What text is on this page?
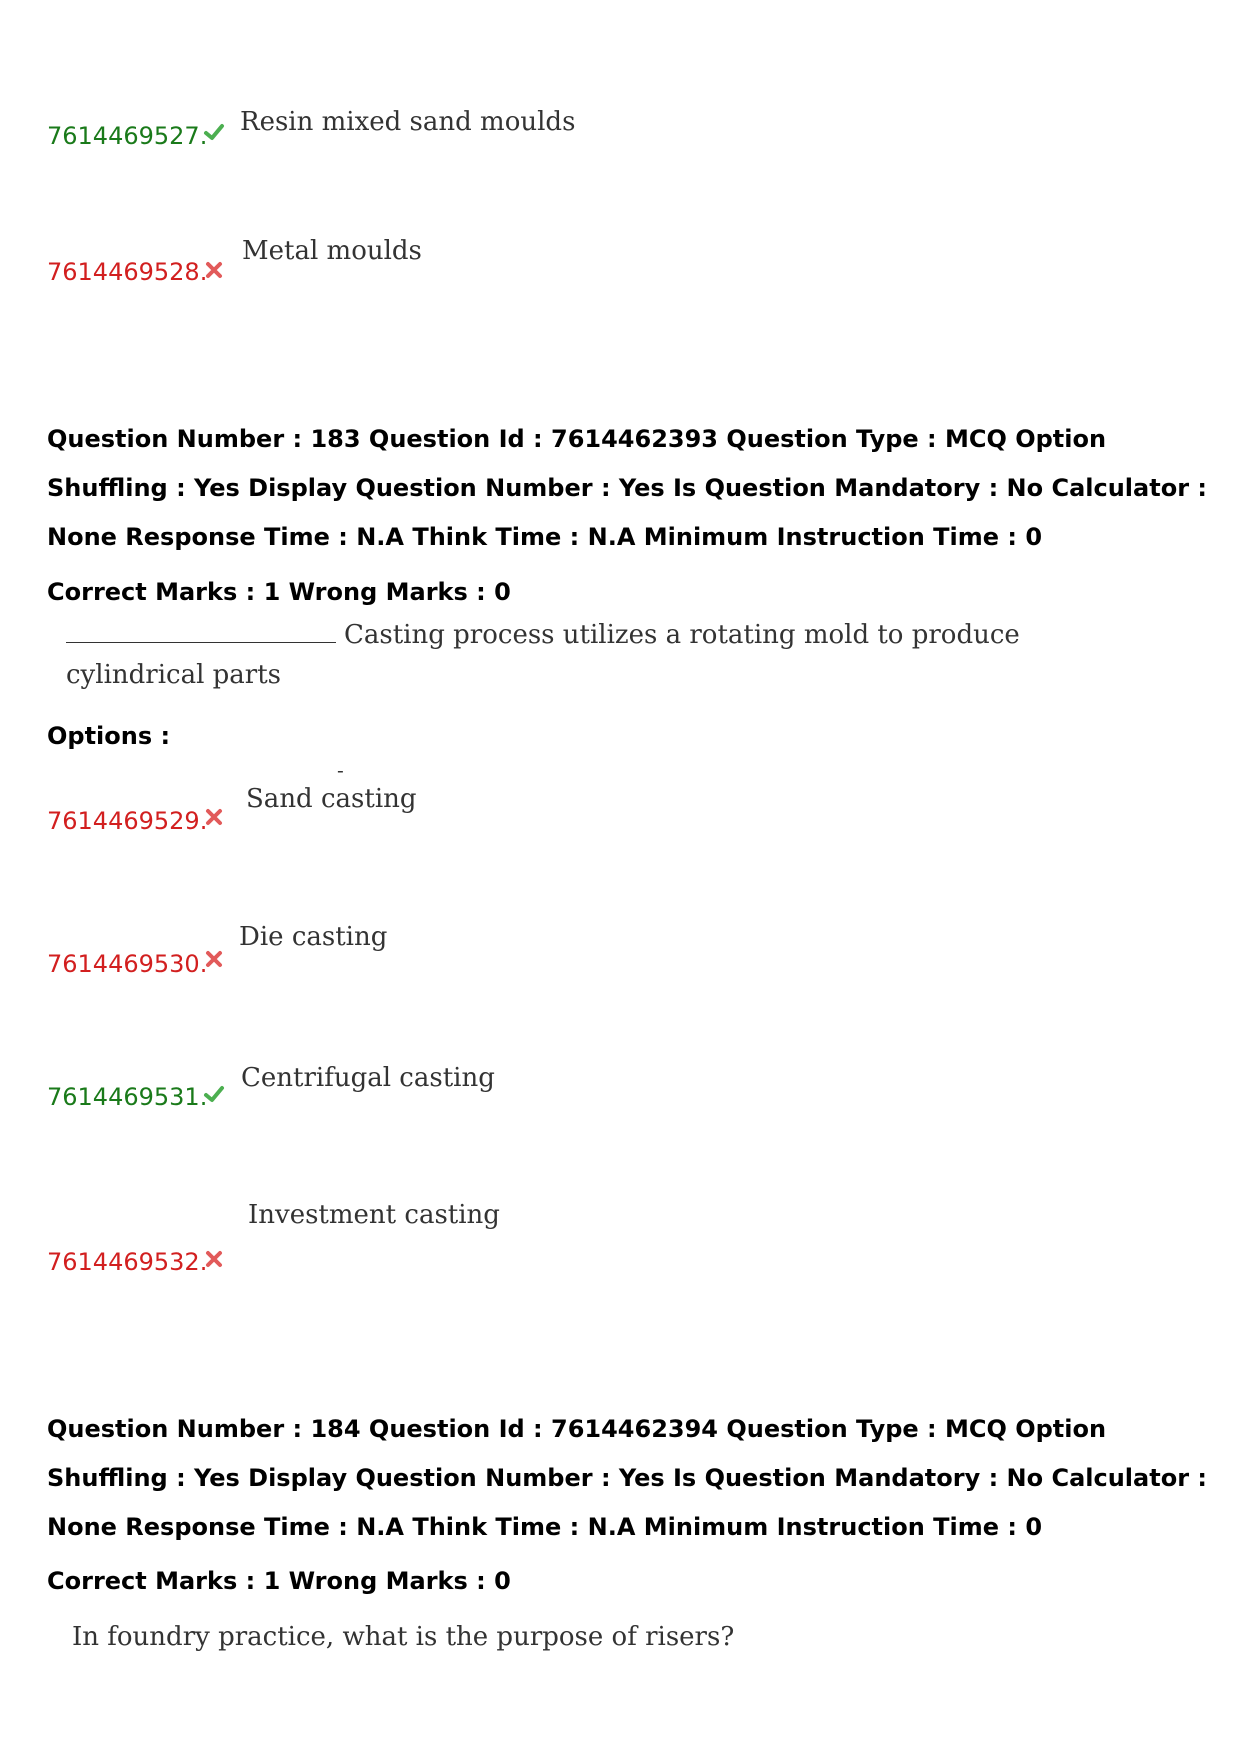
7614469527. Resin mixed sand moulds
7614469528.
Metal moulds
Question Number : 183 Question Id : 7614462393 Question Type : MCQ Option Shuffling : Yes Display Question Number : Yes Is Question Mandatory : No Calculator : None Response Time : N.A Think Time : N.A Minimum Instruction Time : 0
Correct Marks : 1 Wrong Marks : 0
Casting process utilizes a rotating mold to produce
cylindrical parts
Options :
-
7614469529.
Sand casting
7614469530.
Die casting
7614469531.
Centrifugal casting
7614469532.
Investment casting
Question Number : 184 Question Id : 7614462394 Question Type : MCQ Option Shuffling : Yes Display Question Number : Yes Is Question Mandatory : No Calculator : None Response Time : N.A Think Time : N.A Minimum Instruction Time : 0
Correct Marks : 1 Wrong Marks : 0
In foundry practice, what is the purpose of risers?
